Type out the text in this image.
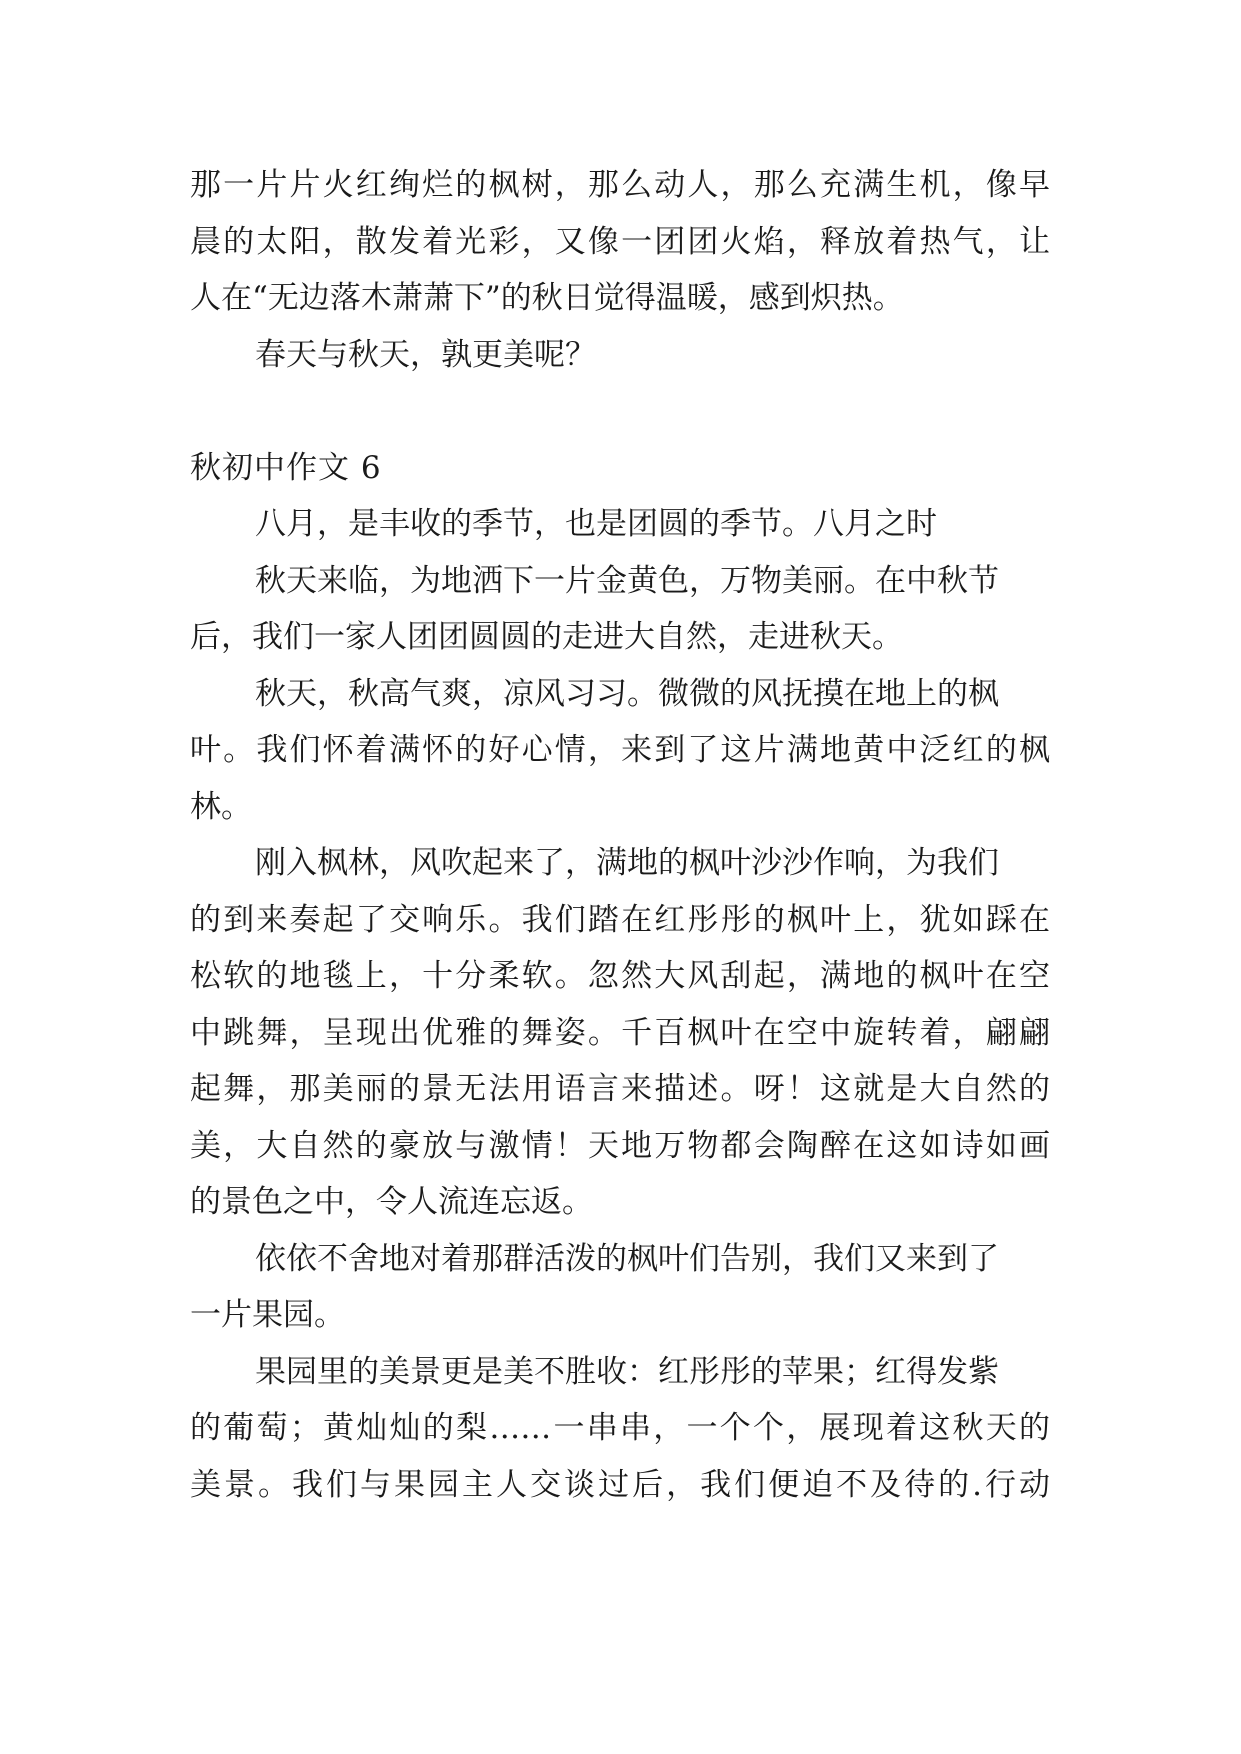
那一片片火红绚烂的枫树，那么动人，那么充满生机，像早
晨的太阳，散发着光彩，又像一团团火焰，释放着热气，让
人在“无边落木萧萧下”的秋日觉得温暖，感到炽热。
春天与秋天，孰更美呢？
秋初中作文 6
八月，是丰收的季节，也是团圆的季节。八月之时
秋天来临，为地洒下一片金黄色，万物美丽。在中秋节
后，我们一家人团团圆圆的走进大自然，走进秋天。
秋天，秋高气爽，凉风习习。微微的风抚摸在地上的枫
叶。我们怀着满怀的好心情，来到了这片满地黄中泛红的枫
林。
刚入枫林，风吹起来了，满地的枫叶沙沙作响，为我们
的到来奏起了交响乐。我们踏在红彤彤的枫叶上，犹如踩在
松软的地毯上，十分柔软。忽然大风刮起，满地的枫叶在空
中跳舞，呈现出优雅的舞姿。千百枫叶在空中旋转着，翩翩
起舞，那美丽的景无法用语言来描述。呀！这就是大自然的
美，大自然的豪放与激情！天地万物都会陶醉在这如诗如画
的景色之中，令人流连忘返。
依依不舍地对着那群活泼的枫叶们告别，我们又来到了
一片果园。
果园里的美景更是美不胜收：红彤彤的苹果；红得发紫
的葡萄；黄灿灿的梨……一串串，一个个，展现着这秋天的
美景。我们与果园主人交谈过后，我们便迫不及待的.行动
